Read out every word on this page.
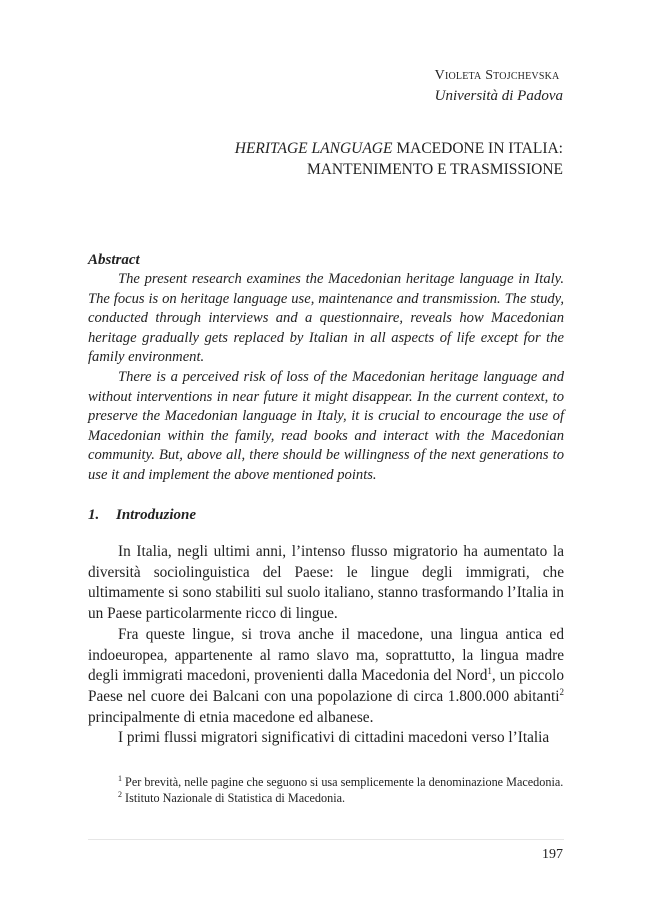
Violeta Stojchevska
Università di Padova
HERITAGE LANGUAGE MACEDONE IN ITALIA:
MANTENIMENTO E TRASMISSIONE
Abstract

The present research examines the Macedonian heritage language in Italy. The focus is on heritage language use, maintenance and transmission. The study, conducted through interviews and a questionnaire, reveals how Macedonian heritage gradually gets replaced by Italian in all aspects of life except for the family environment.

There is a perceived risk of loss of the Macedonian heritage language and without interventions in near future it might disappear. In the current context, to preserve the Macedonian language in Italy, it is crucial to encourage the use of Macedonian within the family, read books and interact with the Macedonian community. But, above all, there should be willingness of the next generations to use it and implement the above mentioned points.

1. Introduzione

In Italia, negli ultimi anni, l’intenso flusso migratorio ha aumentato la diversità sociolinguistica del Paese: le lingue degli immigrati, che ultimamente si sono stabiliti sul suolo italiano, stanno trasformando l’Italia in un Paese particolarmente ricco di lingue.

Fra queste lingue, si trova anche il macedone, una lingua antica ed indoeuropea, appartenente al ramo slavo ma, soprattutto, la lingua madre degli immigrati macedoni, provenienti dalla Macedonia del Nord$^1$, un piccolo Paese nel cuore dei Balcani con una popolazione di circa 1.800.000 abitanti$^2$ principalmente di etnia macedone ed albanese.

I primi flussi migratori significativi di cittadini macedoni verso l’Italia

$^1$ Per brevità, nelle pagine che seguono si usa semplicemente la denominazione Macedonia.

$^2$ Istituto Nazionale di Statistica di Macedonia.

197
